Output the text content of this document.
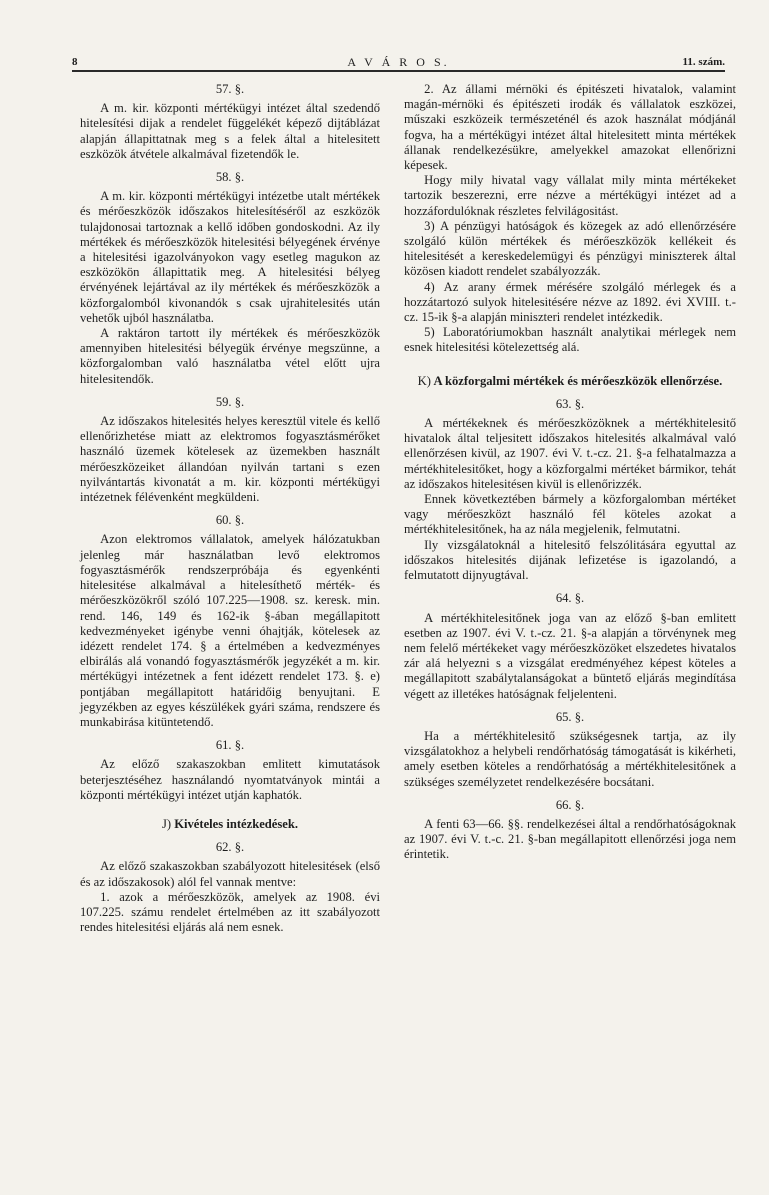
8	A V Á R O S.	11. szám.
57. §.

A m. kir. központi mértékügyi intézet által szedendő hitelesítési dijak a rendelet függelékét képező dijtáblázat alapján állapittatnak meg s a felek által a hitelesitett eszközök átvétele alkalmával fizetendők le.

58. §.

A m. kir. központi mértékügyi intézetbe utalt mértékek és mérőeszközök időszakos hitelesítéséről az eszközök tulajdonosai tartoznak a kellő időben gondoskodni. Az ily mértékek és mérőeszközök hitelesitési bélyegének érvénye a hitelesitési igazolványokon vagy esetleg magukon az eszközökön állapittatik meg. A hitelesitési bélyeg érvényének lejártával az ily mértékek és mérőeszközök a közforgalomból kivonandók s csak ujrahitelesités után vehetők ujból használatba.

A raktáron tartott ily mértékek és mérőeszközök amennyiben hitelesitési bélyegük érvénye megszünne, a közforgalomban való használatba vétel előtt ujra hitelesitendők.

59. §.

Az időszakos hitelesités helyes keresztül vitele és kellő ellenőrizhetése miatt az elektromos fogyasztásmérőket használó üzemek kötelesek az üzemekben használt mérőeszközeiket állandóan nyilván tartani s ezen nyilvántartás kivonatát a m. kir. központi mértékügyi intézetnek félévenként megküldeni.

60. §.

Azon elektromos vállalatok, amelyek hálózatukban jelenleg már használatban levő elektromos fogyasztásmérők rendszerpróbája és egyenkénti hitelesitése alkalmával a hitelesíthető mérték- és mérőeszközökről szóló 107.225—1908. sz. keresk. min. rend. 146, 149 és 162-ik §-ában megállapitott kedvezményeket igénybe venni óhajtják, kötelesek az idézett rendelet 174. § a értelmében a kedvezményes elbirálás alá vonandó fogyasztásmérők jegyzékét a m. kir. mértékügyi intézetnek a fent idézett rendelet 173. §. e) pontjában megállapitott határidőig benyujtani. E jegyzékben az egyes készülékek gyári száma, rendszere és munkabirása kitüntetendő.

61. §.

Az előző szakaszokban emlitett kimutatások beterjesztéséhez használandó nyomtatványok mintái a központi mértékügyi intézet utján kaphatók.

J) Kivételes intézkedések.
62. §.

Az előző szakaszokban szabályozott hitelesitések (első és az időszakosok) alól fel vannak mentve:

1. azok a mérőeszközök, amelyek az 1908. évi 107.225. számu rendelet értelmében az itt szabályozott rendes hitelesitési eljárás alá nem esnek.

2. Az állami mérnöki és épitészeti hivatalok, valamint magán-mérnöki és épitészeti irodák és vállalatok eszközei, műszaki eszközeik természeténél és azok használat módjánál fogva, ha a mértékügyi intézet által hitelesitett minta mértékek állanak rendelkezésükre, amelyekkel amazokat ellenőrizni képesek.

Hogy mily hivatal vagy vállalat mily minta mértékeket tartozik beszerezni, erre nézve a mértékügyi intézet ad a hozzáfordulóknak részletes felvilágositást.

3) A pénzügyi hatóságok és közegek az adó ellenőrzésére szolgáló külön mértékek és mérőeszközök kellékeit és hitelesitését a kereskedelemügyi és pénzügyi miniszterek által közösen kiadott rendelet szabályozzák.

4) Az arany érmek mérésére szolgáló mérlegek és a hozzátartozó sulyok hitelesitésére nézve az 1892. évi XVIII. t.-cz. 15-ik §-a alapján miniszteri rendelet intézkedik.

5) Laboratóriumokban használt analytikai mérlegek nem esnek hitelesitési kötelezettség alá.

K) A közforgalmi mértékek és mérőeszközök ellenőrzése.
63. §.

A mértékeknek és mérőeszközöknek a mértékhitelesitő hivatalok által teljesitett időszakos hitelesités alkalmával való ellenőrzésen kivül, az 1907. évi V. t.-cz. 21. §-a felhatalmazza a mértékhitelesitőket, hogy a közforgalmi mértéket bármikor, tehát az időszakos hitelesitésen kivül is ellenőrizzék.

Ennek következtében bármely a közforgalomban mértéket vagy mérőeszközt használó fél köteles azokat a mértékhitelesitőnek, ha az nála megjelenik, felmutatni.

Ily vizsgálatoknál a hitelesitő felszólitására egyuttal az időszakos hitelesités dijának lefizetése is igazolandó, a felmutatott dijnyugtával.

64. §.

A mértékhitelesitőnek joga van az előző §-ban emlitett esetben az 1907. évi V. t.-cz. 21. §-a alapján a törvénynek meg nem felelő mértékeket vagy mérőeszközöket elszedetes hivatalos zár alá helyezni s a vizsgálat eredményéhez képest köteles a megállapitott szabálytalanságokat a büntető eljárás megindítása végett az illetékes hatóságnak feljelenteni.

65. §.

Ha a mértékhitelesitő szükségesnek tartja, az ily vizsgálatokhoz a helybeli rendőrhatóság támogatását is kikérheti, amely esetben köteles a rendőrhatóság a mértékhitelesitőnek a szükséges személyzetet rendelkezésére bocsátani.

66. §.

A fenti 63—66. §§. rendelkezései által a rendőrhatóságoknak az 1907. évi V. t.-c. 21. §-ban megállapitott ellenőrzési joga nem érintetik.
